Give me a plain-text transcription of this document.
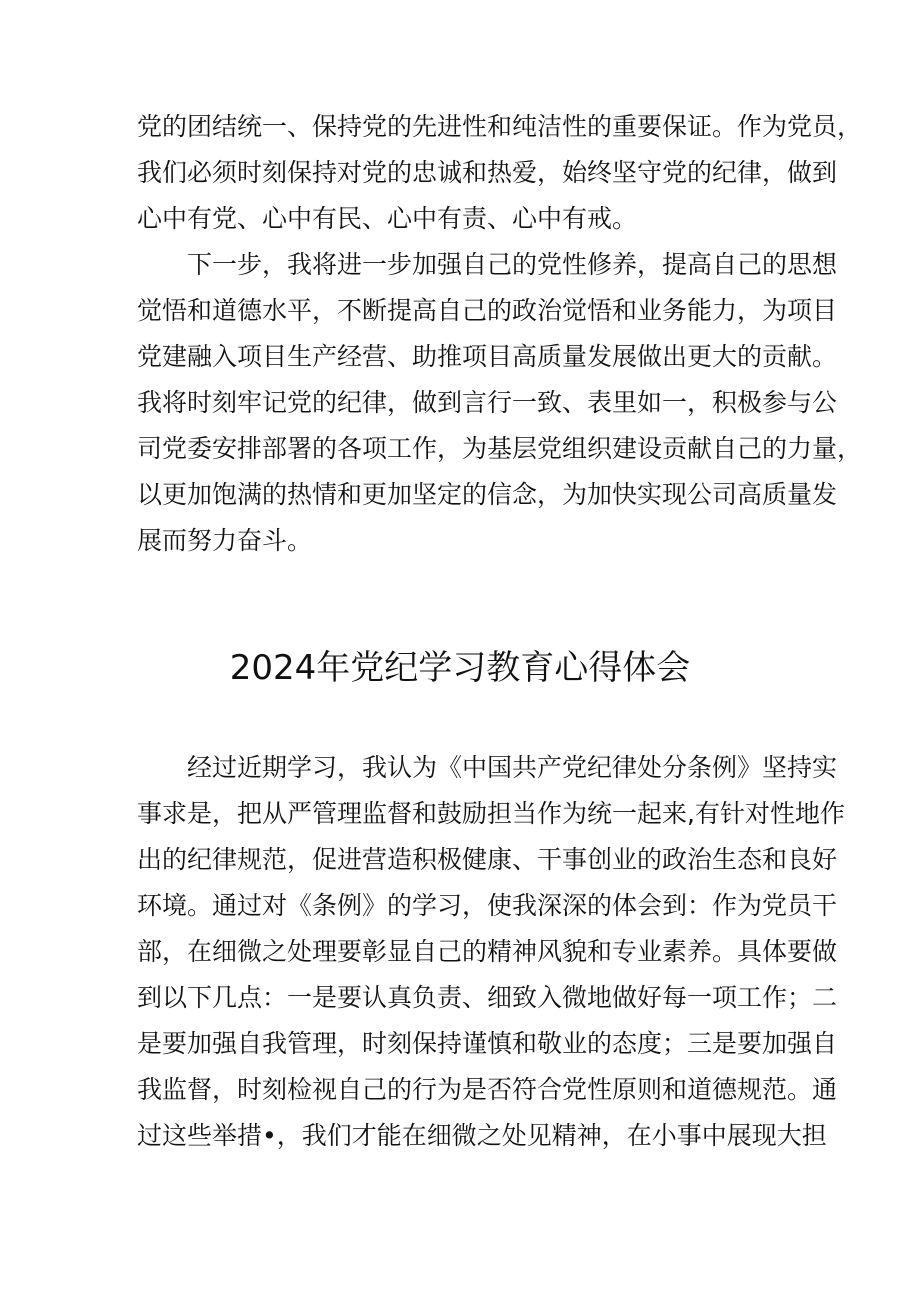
党的团结统一、保持党的先进性和纯洁性的重要保证。作为党员，
我们必须时刻保持对党的忠诚和热爱，始终坚守党的纪律，做到
心中有党、心中有民、心中有责、心中有戒。
下一步，我将进一步加强自己的党性修养，提高自己的思想
觉悟和道德水平，不断提高自己的政治觉悟和业务能力，为项目
党建融入项目生产经营、助推项目高质量发展做出更大的贡献。
我将时刻牢记党的纪律，做到言行一致、表里如一，积极参与公
司党委安排部署的各项工作，为基层党组织建设贡献自己的力量，
以更加饱满的热情和更加坚定的信念，为加快实现公司高质量发
展而努力奋斗。
2024年党纪学习教育心得体会
经过近期学习，我认为《中国共产党纪律处分条例》坚持实
事求是，把从严管理监督和鼓励担当作为统一起来,有针对性地作
出的纪律规范，促进营造积极健康、干事创业的政治生态和良好
环境。通过对《条例》的学习，使我深深的体会到：作为党员干
部，在细微之处理要彰显自己的精神风貌和专业素养。具体要做
到以下几点：一是要认真负责、细致入微地做好每一项工作；二
是要加强自我管理，时刻保持谨慎和敬业的态度；三是要加强自
我监督，时刻检视自己的行为是否符合党性原则和道德规范。通
过这些举措•，我们才能在细微之处见精神，在小事中展现大担
